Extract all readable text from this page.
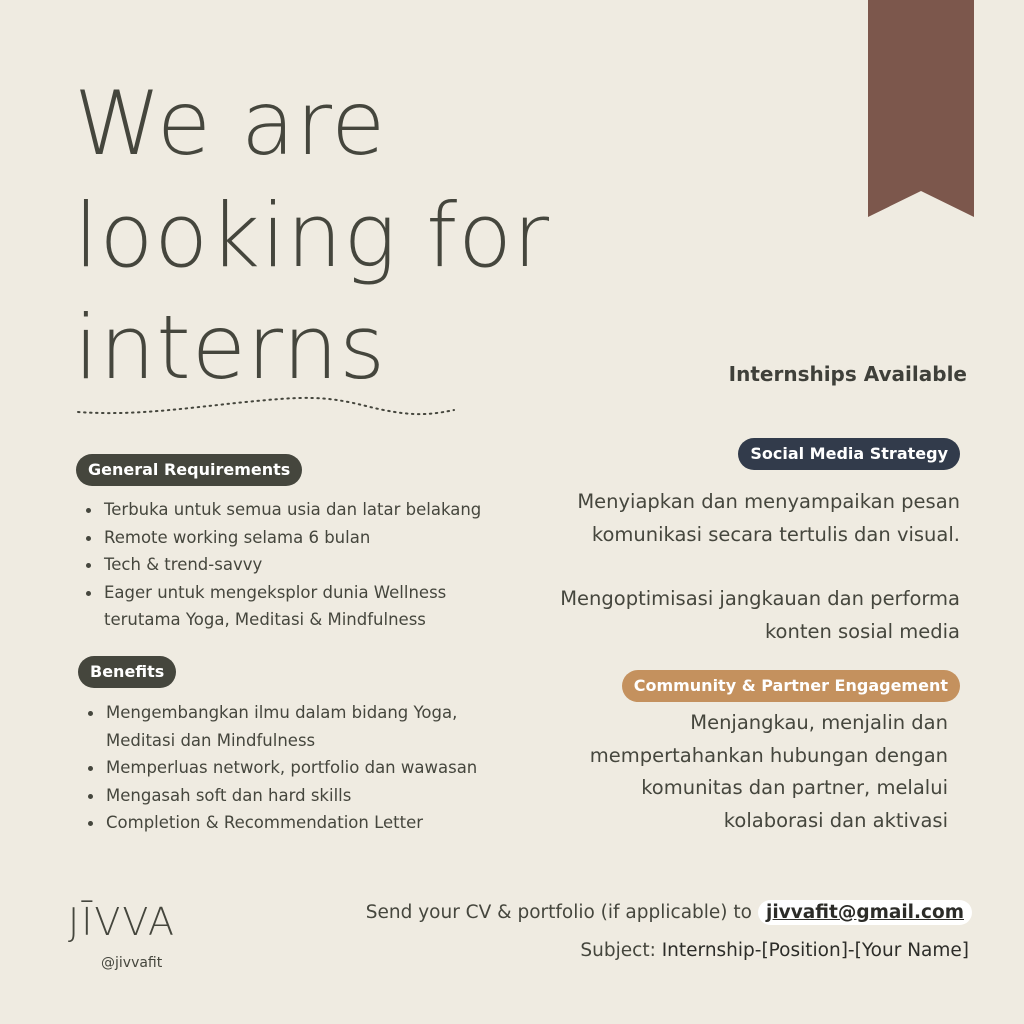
We are
looking for
interns
General Requirements
Terbuka untuk semua usia dan latar belakang
Remote working selama 6 bulan
Tech & trend-savvy
Eager untuk mengeksplor dunia Wellness terutama Yoga, Meditasi & Mindfulness
Benefits
Mengembangkan ilmu dalam bidang Yoga, Meditasi dan Mindfulness
Memperluas network, portfolio dan wawasan
Mengasah soft dan hard skills
Completion & Recommendation Letter
Internships Available
Social Media Strategy
Menyiapkan dan menyampaikan pesan komunikasi secara tertulis dan visual.
Mengoptimisasi jangkauan dan performa konten sosial media
Community & Partner Engagement
Menjangkau, menjalin dan mempertahankan hubungan dengan komunitas dan partner, melalui kolaborasi dan aktivasi
JĪVVA
@jivvafit
Send your CV & portfolio (if applicable) to jivvafit@gmail.com
Subject: Internship-[Position]-[Your Name]
